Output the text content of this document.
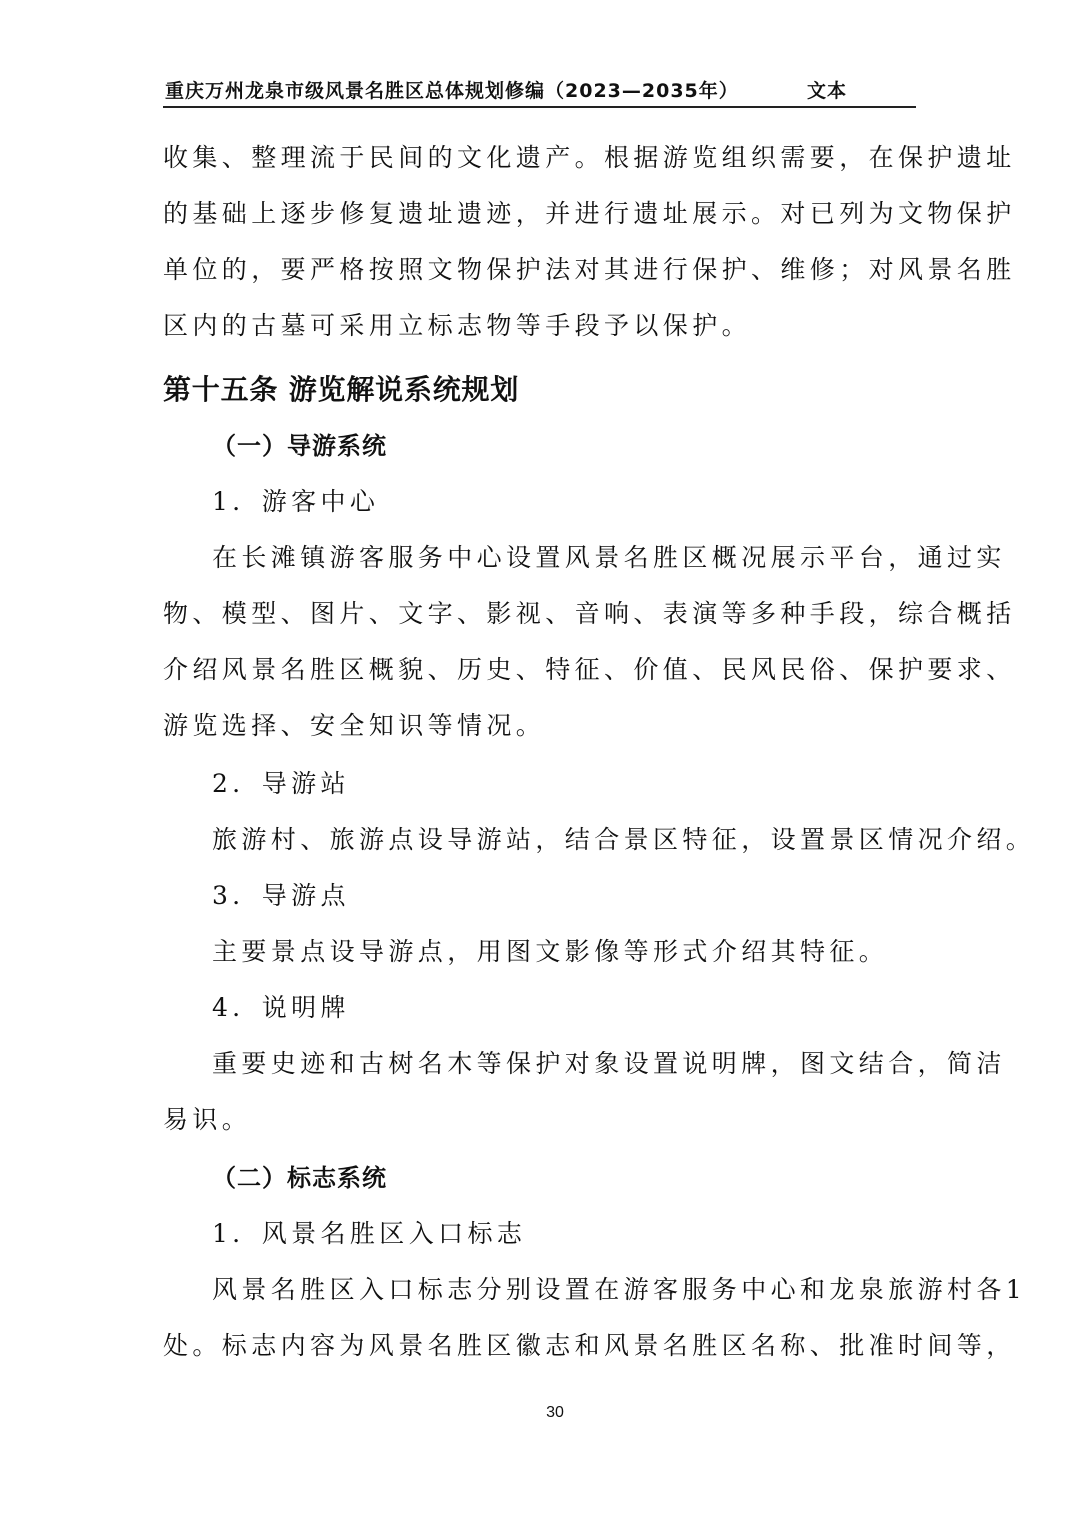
重庆万州龙泉市级风景名胜区总体规划修编（2023—2035年）	文本
收集、整理流于民间的文化遗产。根据游览组织需要，在保护遗址
的基础上逐步修复遗址遗迹，并进行遗址展示。对已列为文物保护
单位的，要严格按照文物保护法对其进行保护、维修；对风景名胜
区内的古墓可采用立标志物等手段予以保护。
第十五条 游览解说系统规划
（一）导游系统
1．游客中心
在长滩镇游客服务中心设置风景名胜区概况展示平台，通过实
物、模型、图片、文字、影视、音响、表演等多种手段，综合概括
介绍风景名胜区概貌、历史、特征、价值、民风民俗、保护要求、
游览选择、安全知识等情况。
2．导游站
旅游村、旅游点设导游站，结合景区特征，设置景区情况介绍。
3．导游点
主要景点设导游点，用图文影像等形式介绍其特征。
4．说明牌
重要史迹和古树名木等保护对象设置说明牌，图文结合，简洁
易识。
（二）标志系统
1．风景名胜区入口标志
风景名胜区入口标志分别设置在游客服务中心和龙泉旅游村各1
处。标志内容为风景名胜区徽志和风景名胜区名称、批准时间等，
30
